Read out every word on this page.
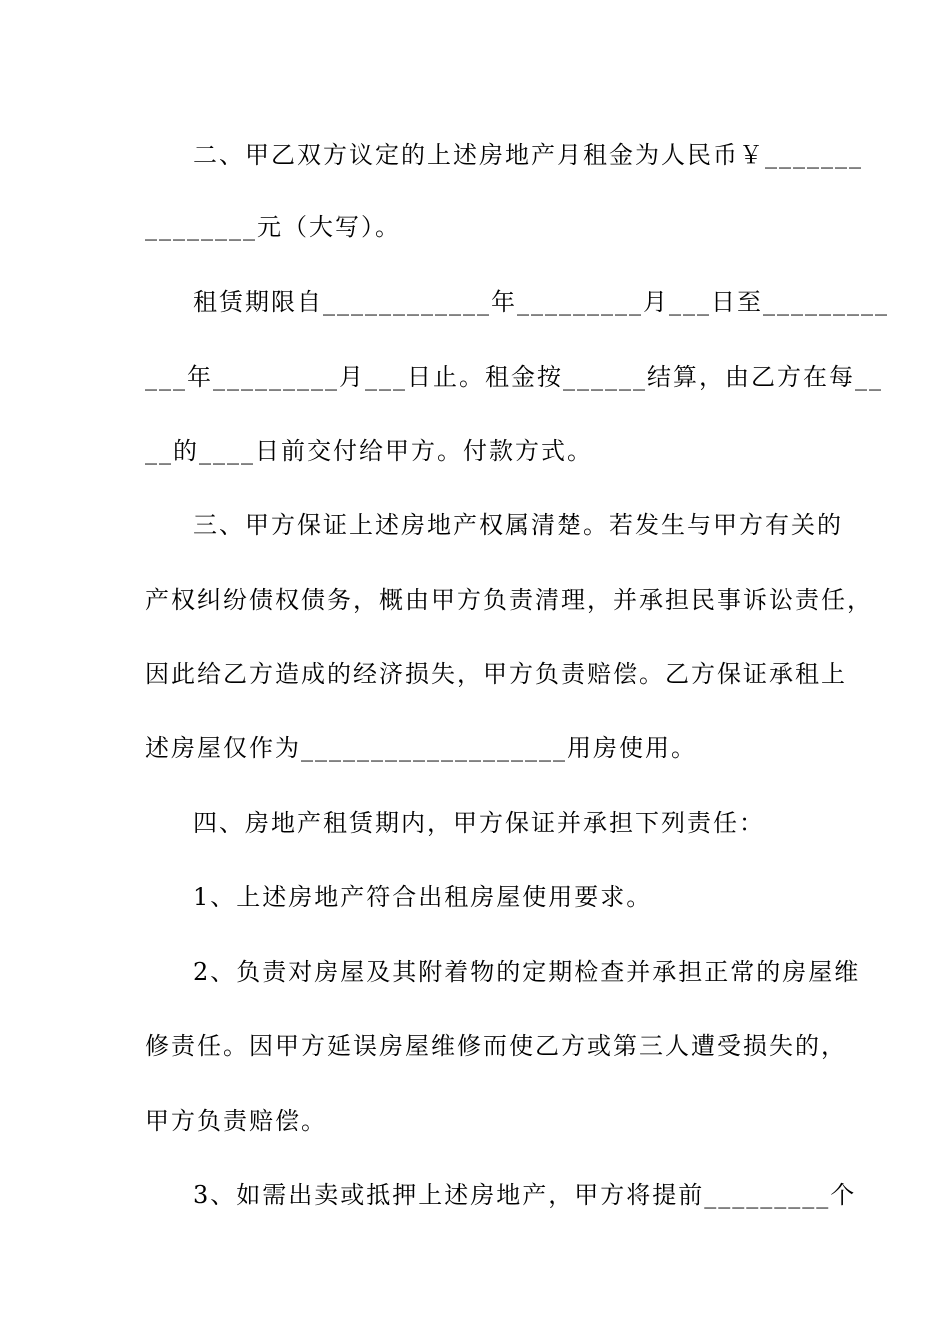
二、甲乙双方议定的上述房地产月租金为人民币￥_______
________元（大写）。
租赁期限自____________年_________月___日至_________
___年_________月___日止。租金按______结算，由乙方在每__
__的____日前交付给甲方。付款方式。
三、甲方保证上述房地产权属清楚。若发生与甲方有关的
产权纠纷债权债务，概由甲方负责清理，并承担民事诉讼责任，
因此给乙方造成的经济损失，甲方负责赔偿。乙方保证承租上
述房屋仅作为___________________用房使用。
四、房地产租赁期内，甲方保证并承担下列责任：
1、上述房地产符合出租房屋使用要求。
2、负责对房屋及其附着物的定期检查并承担正常的房屋维
修责任。因甲方延误房屋维修而使乙方或第三人遭受损失的，
甲方负责赔偿。
3、如需出卖或抵押上述房地产，甲方将提前_________个
